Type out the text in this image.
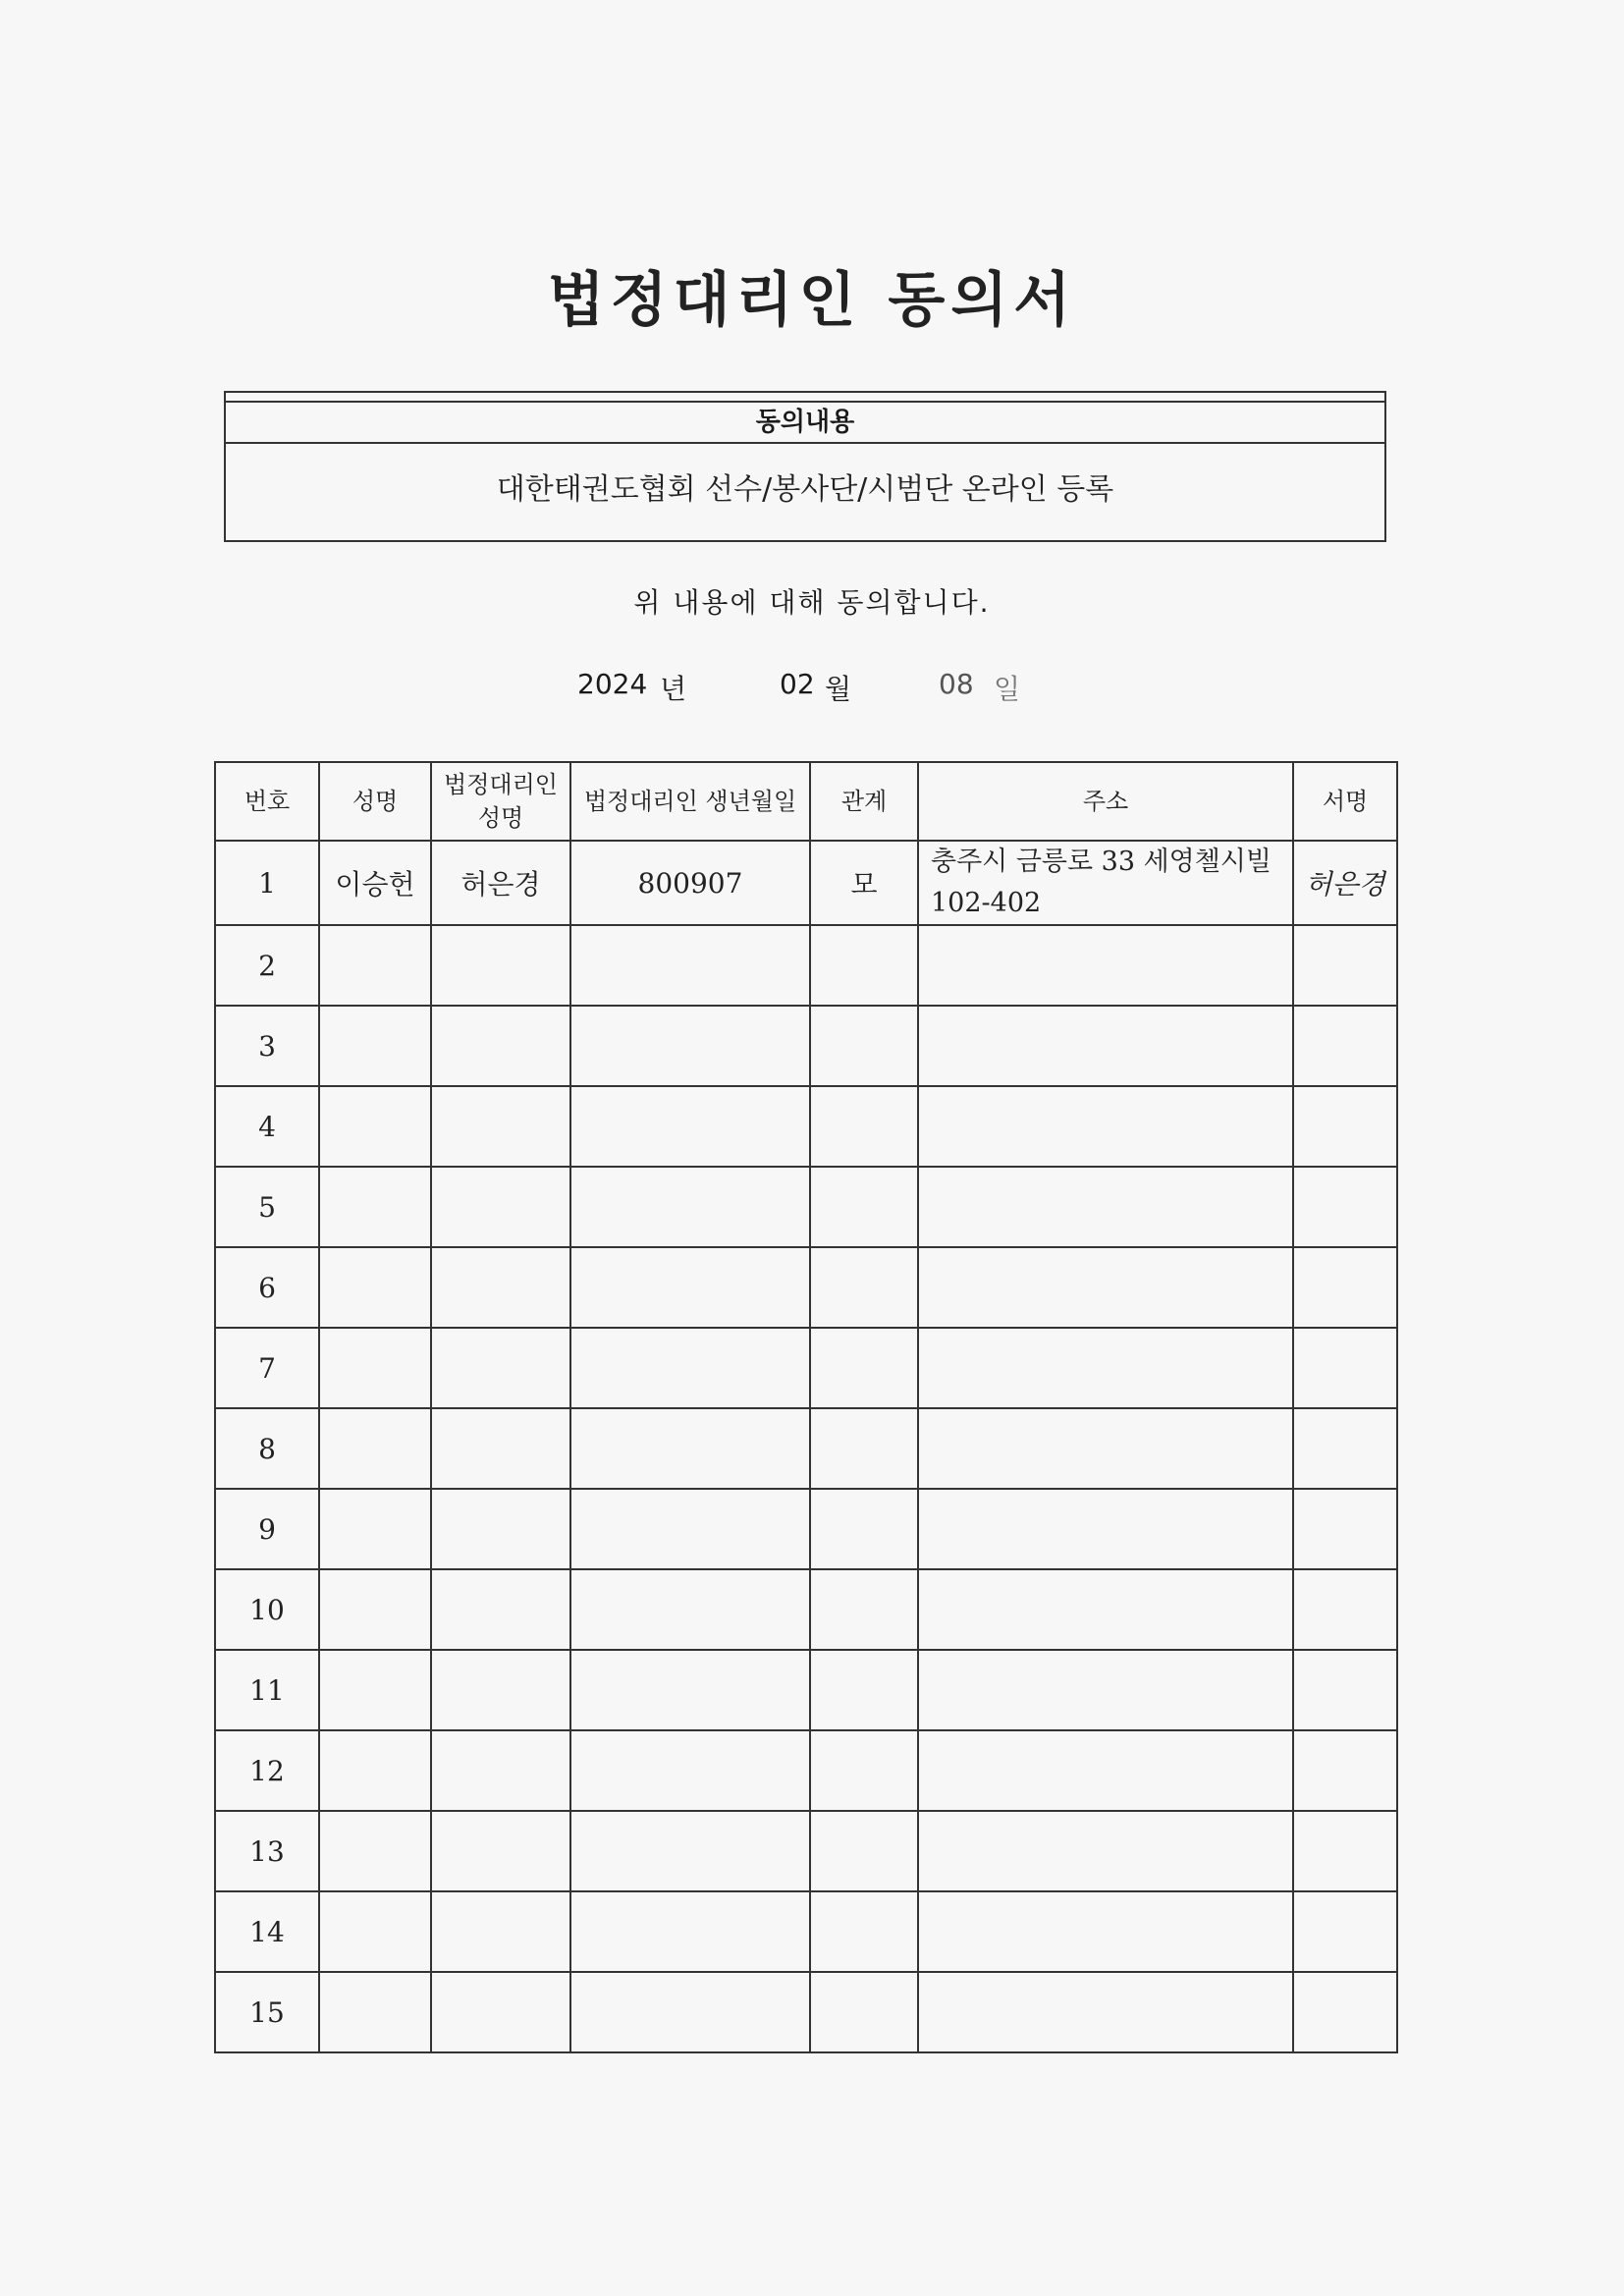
법정대리인 동의서
동의내용
대한태권도협회 선수/봉사단/시범단 온라인 등록
위 내용에 대해 동의합니다.
2024 년	02 월	08 일
번호	성명	법정대리인 성명	법정대리인 생년월일	관계	주소	서명
1	이승헌	허은경	800907	모	충주시 금릉로 33 세영첼시빌 102-402	허은경
2						
3						
4						
5						
6						
7						
8						
9						
10						
11						
12						
13						
14						
15						
